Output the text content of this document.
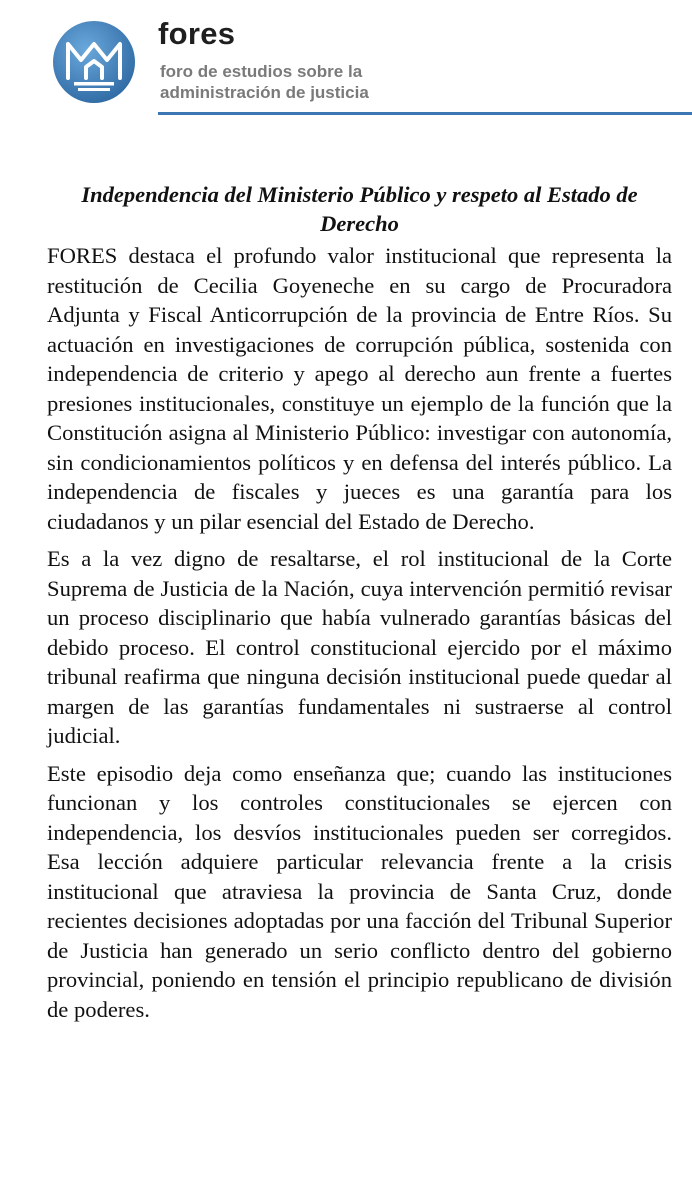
fores
foro de estudios sobre la
administración de justicia
Independencia del Ministerio Público y respeto al Estado de Derecho

FORES destaca el profundo valor institucional que representa la restitución de Cecilia Goyeneche en su cargo de Procuradora Adjunta y Fiscal Anticorrupción de la provincia de Entre Ríos. Su actuación en investigaciones de corrupción pública, sostenida con independencia de criterio y apego al derecho aun frente a fuertes presiones institucionales, constituye un ejemplo de la función que la Constitución asigna al Ministerio Público: investigar con autonomía, sin condicionamientos políticos y en defensa del interés público. La independencia de fiscales y jueces es una garantía para los ciudadanos y un pilar esencial del Estado de Derecho.

Es a la vez digno de resaltarse, el rol institucional de la Corte Suprema de Justicia de la Nación, cuya intervención permitió revisar un proceso disciplinario que había vulnerado garantías básicas del debido proceso. El control constitucional ejercido por el máximo tribunal reafirma que ninguna decisión institucional puede quedar al margen de las garantías fundamentales ni sustraerse al control judicial.

Este episodio deja como enseñanza que; cuando las instituciones funcionan y los controles constitucionales se ejercen con independencia, los desvíos institucionales pueden ser corregidos. Esa lección adquiere particular relevancia frente a la crisis institucional que atraviesa la provincia de Santa Cruz, donde recientes decisiones adoptadas por una facción del Tribunal Superior de Justicia han generado un serio conflicto dentro del gobierno provincial, poniendo en tensión el principio republicano de división de poderes.
